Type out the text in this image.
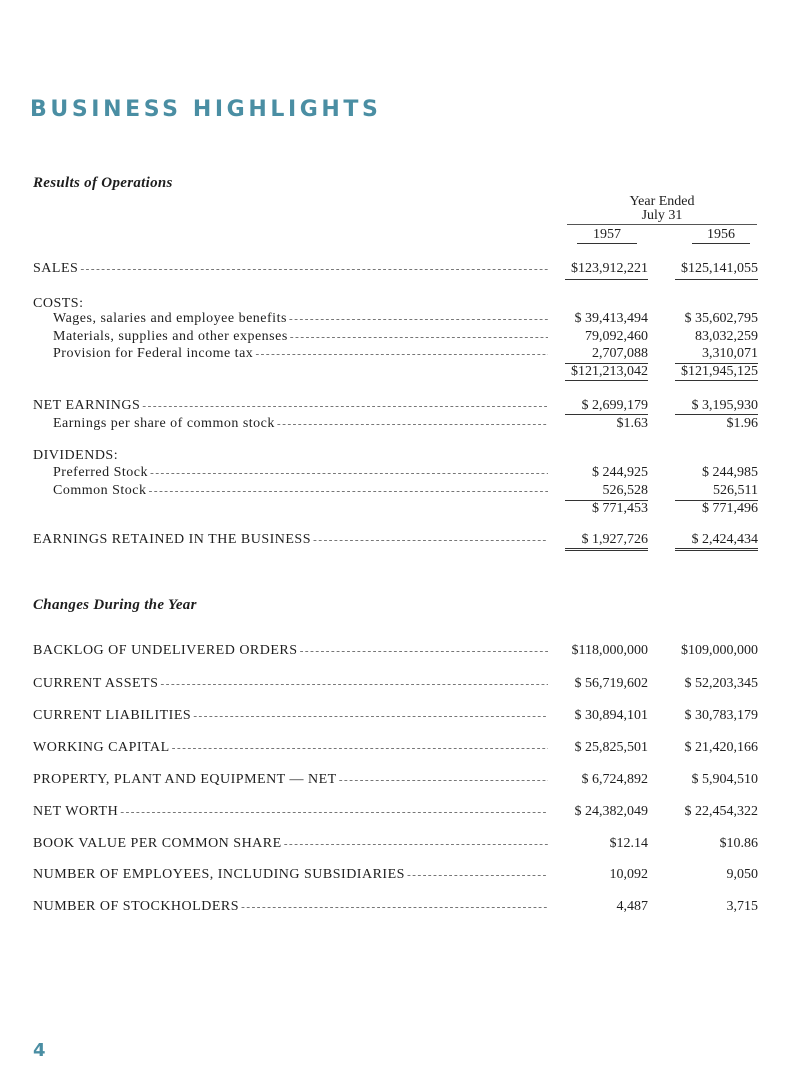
BUSINESS HIGHLIGHTS
Results of Operations
Year Ended
July 31
1957	1956
SALES - - -	$123,912,221	$125,141,055
COSTS:
Wages, salaries and employee benefits - - -	$ 39,413,494	$ 35,602,795
Materials, supplies and other expenses - - -	79,092,460	83,032,259
Provision for Federal income tax - - -	2,707,088	3,310,071
$121,213,042	$121,945,125
NET EARNINGS - - -	$ 2,699,179	$ 3,195,930
Earnings per share of common stock - - -	$1.63	$1.96
DIVIDENDS:
Preferred Stock - - -	$ 244,925	$ 244,985
Common Stock - - -	526,528	526,511
$ 771,453	$ 771,496
EARNINGS RETAINED IN THE BUSINESS - - -	$ 1,927,726	$ 2,424,434
Changes During the Year
BACKLOG OF UNDELIVERED ORDERS - - -	$118,000,000	$109,000,000
CURRENT ASSETS - - -	$ 56,719,602	$ 52,203,345
CURRENT LIABILITIES - - -	$ 30,894,101	$ 30,783,179
WORKING CAPITAL - - -	$ 25,825,501	$ 21,420,166
PROPERTY, PLANT AND EQUIPMENT — NET - - -	$ 6,724,892	$ 5,904,510
NET WORTH - - -	$ 24,382,049	$ 22,454,322
BOOK VALUE PER COMMON SHARE - - -	$12.14	$10.86
NUMBER OF EMPLOYEES, INCLUDING SUBSIDIARIES - - -	10,092	9,050
NUMBER OF STOCKHOLDERS - - -	4,487	3,715

4
